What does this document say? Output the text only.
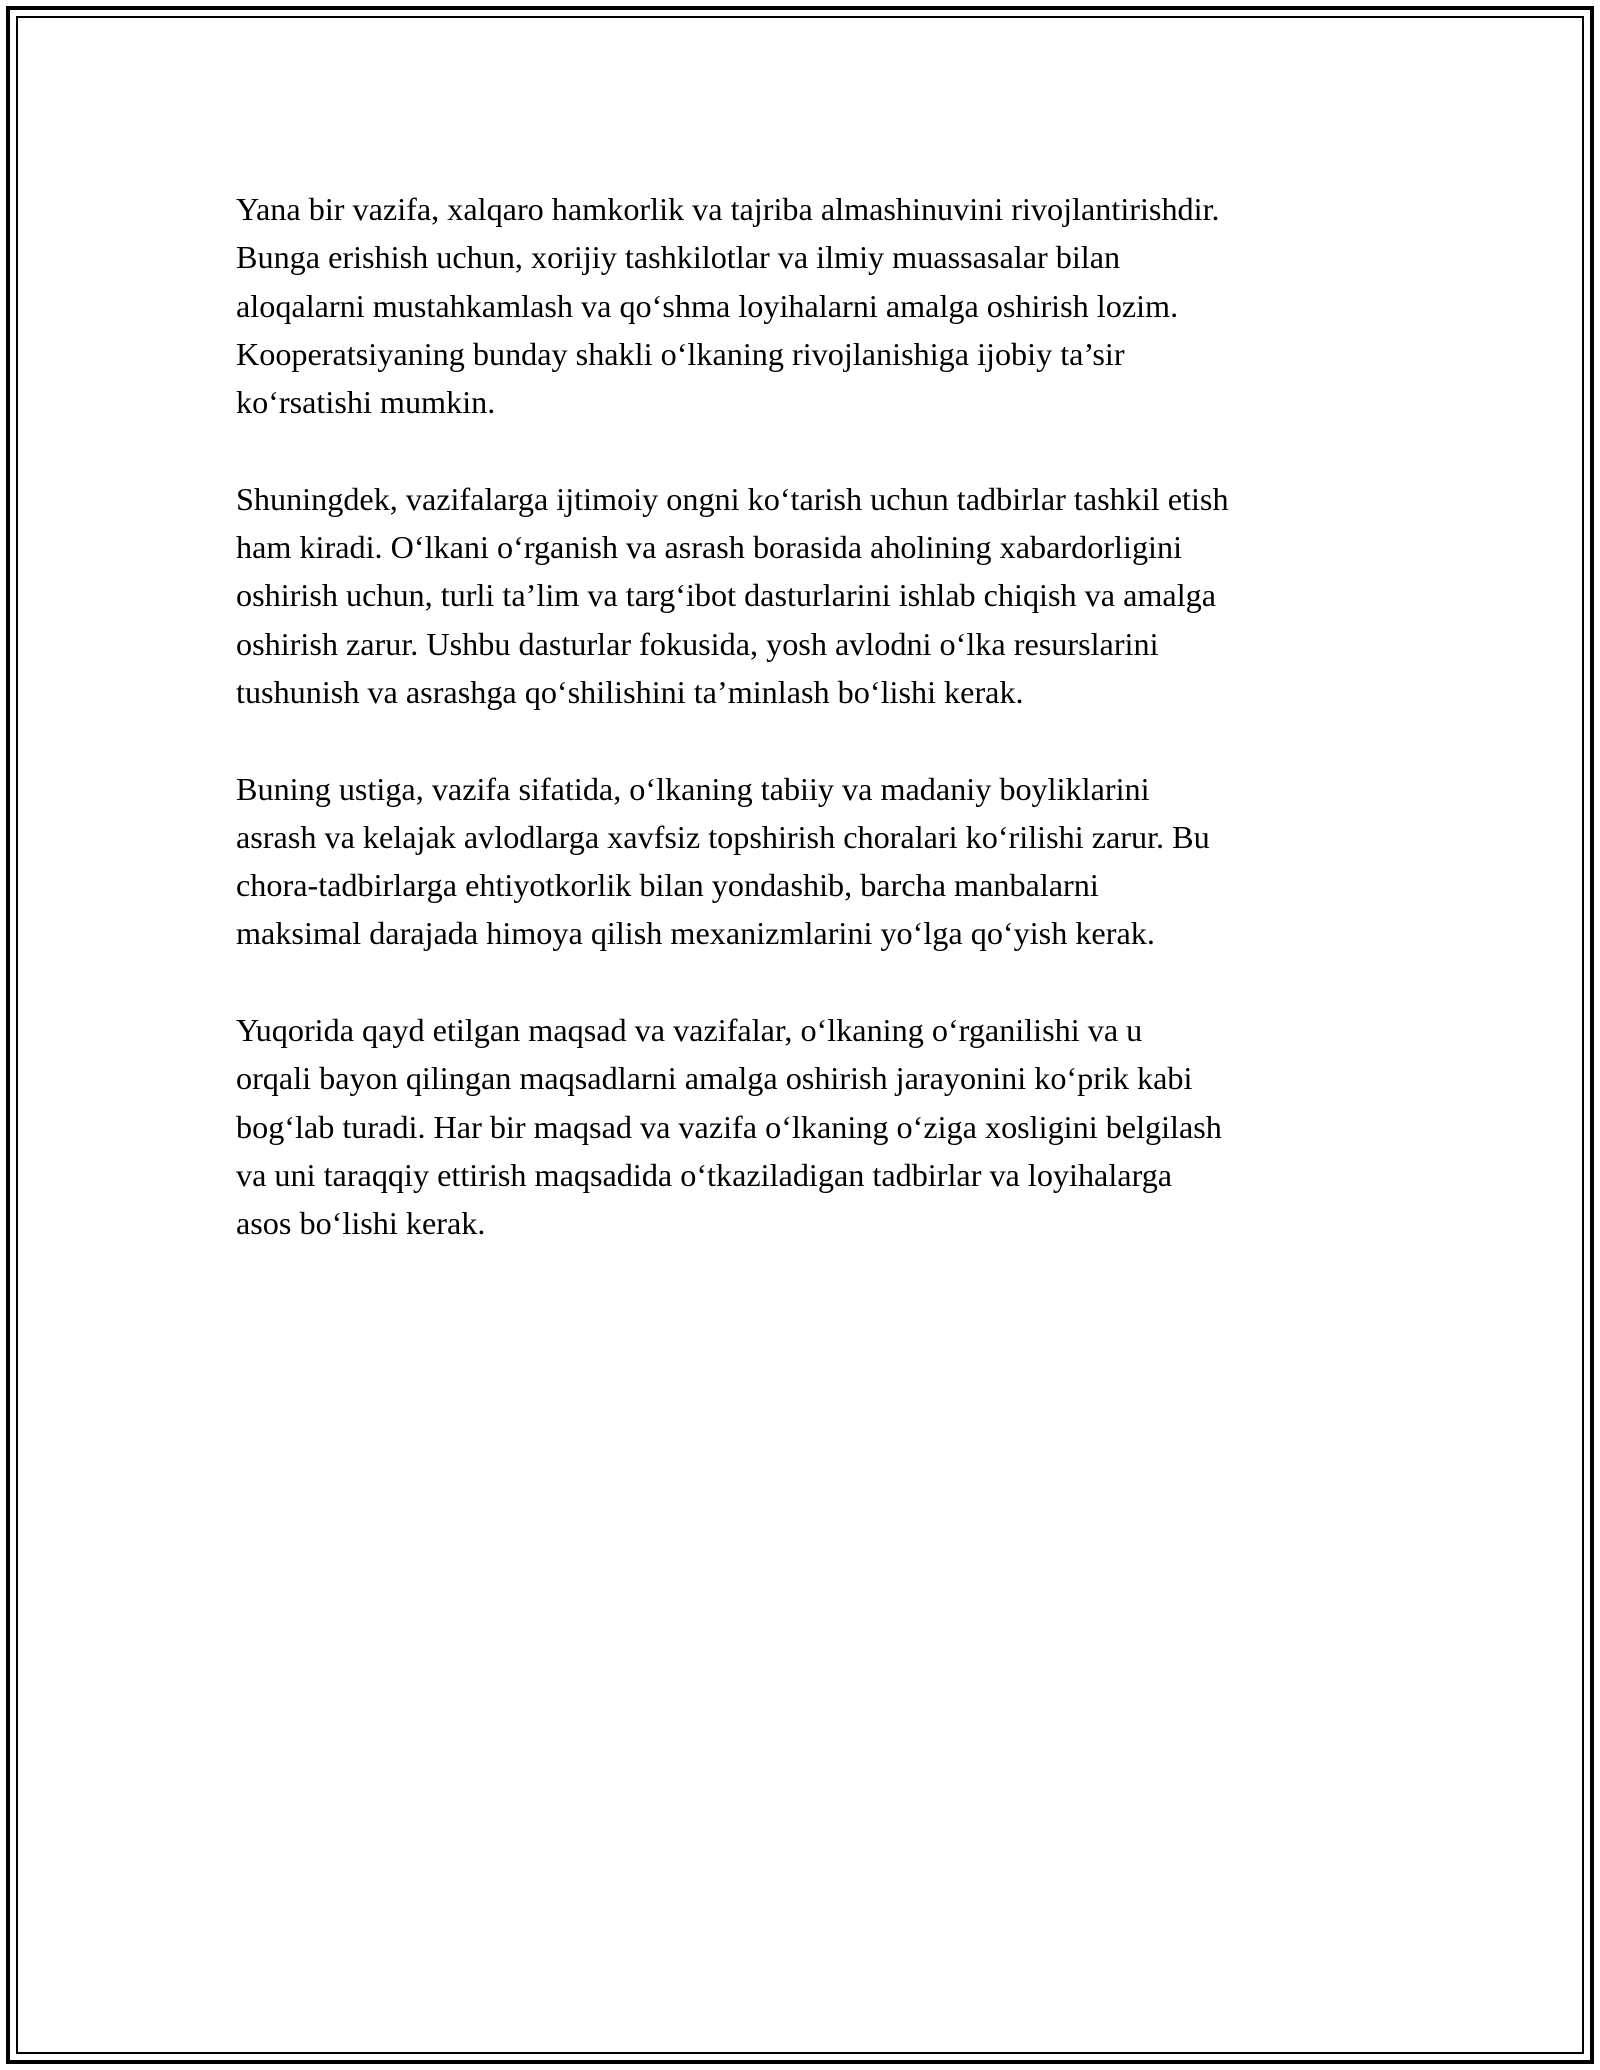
Yana bir vazifa, xalqaro hamkorlik va tajriba almashinuvini rivojlantirishdir.
Bunga erishish uchun, xorijiy tashkilotlar va ilmiy muassasalar bilan
aloqalarni mustahkamlash va qo‘shma loyihalarni amalga oshirish lozim.
Kooperatsiyaning bunday shakli o‘lkaning rivojlanishiga ijobiy ta’sir
ko‘rsatishi mumkin.
Shuningdek, vazifalarga ijtimoiy ongni ko‘tarish uchun tadbirlar tashkil etish
ham kiradi. O‘lkani o‘rganish va asrash borasida aholining xabardorligini
oshirish uchun, turli ta’lim va targ‘ibot dasturlarini ishlab chiqish va amalga
oshirish zarur. Ushbu dasturlar fokusida, yosh avlodni o‘lka resurslarini
tushunish va asrashga qo‘shilishini ta’minlash bo‘lishi kerak.
Buning ustiga, vazifa sifatida, o‘lkaning tabiiy va madaniy boyliklarini
asrash va kelajak avlodlarga xavfsiz topshirish choralari ko‘rilishi zarur. Bu
chora-tadbirlarga ehtiyotkorlik bilan yondashib, barcha manbalarni
maksimal darajada himoya qilish mexanizmlarini yo‘lga qo‘yish kerak.
Yuqorida qayd etilgan maqsad va vazifalar, o‘lkaning o‘rganilishi va u
orqali bayon qilingan maqsadlarni amalga oshirish jarayonini ko‘prik kabi
bog‘lab turadi. Har bir maqsad va vazifa o‘lkaning o‘ziga xosligini belgilash
va uni taraqqiy ettirish maqsadida o‘tkaziladigan tadbirlar va loyihalarga
asos bo‘lishi kerak.
